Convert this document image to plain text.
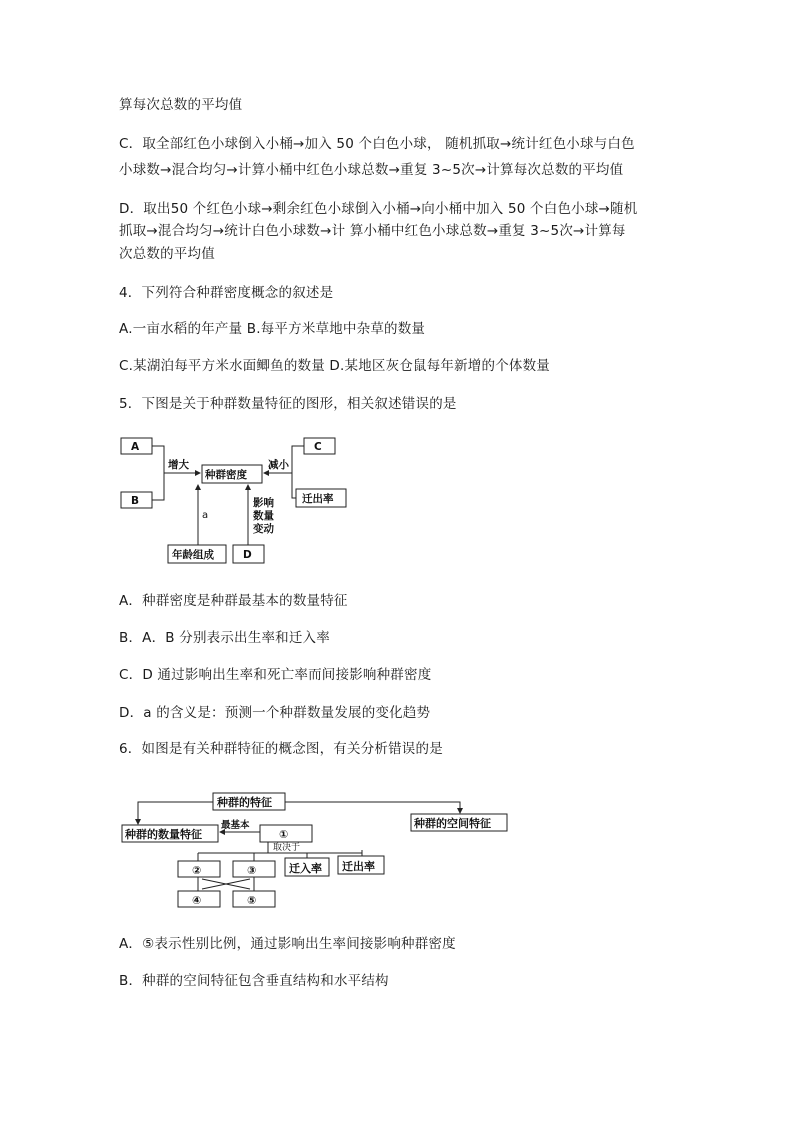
算每次总数的平均值
C．取全部红色小球倒入小桶→加入 50 个白色小球， 随机抓取→统计红色小球与白色
小球数→混合均匀→计算小桶中红色小球总数→重复 3~5次→计算每次总数的平均值
D．取出50 个红色小球→剩余红色小球倒入小桶→向小桶中加入 50 个白色小球→随机
抓取→混合均匀→统计白色小球数→计 算小桶中红色小球总数→重复 3~5次→计算每
次总数的平均值
4．下列符合种群密度概念的叙述是
A.一亩水稻的年产量 B.每平方米草地中杂草的数量
C.某湖泊每平方米水面鲫鱼的数量 D.某地区灰仓鼠每年新增的个体数量
5．下图是关于种群数量特征的图形，相关叙述错误的是
A
B
C
D
增大	减小
种群密度
迁出率
年龄组成
影响
数量
变动
a
A．种群密度是种群最基本的数量特征
B．A．B 分别表示出生率和迁入率
C．D 通过影响出生率和死亡率而间接影响种群密度
D．a 的含义是：预测一个种群数量发展的变化趋势
6．如图是有关种群特征的概念图，有关分析错误的是
种群的特征
种群的数量特征
种群的空间特征
①
②	③	迁入率 迁出率
④	⑤
最基本
取决于
A．⑤表示性别比例，通过影响出生率间接影响种群密度
B．种群的空间特征包含垂直结构和水平结构
